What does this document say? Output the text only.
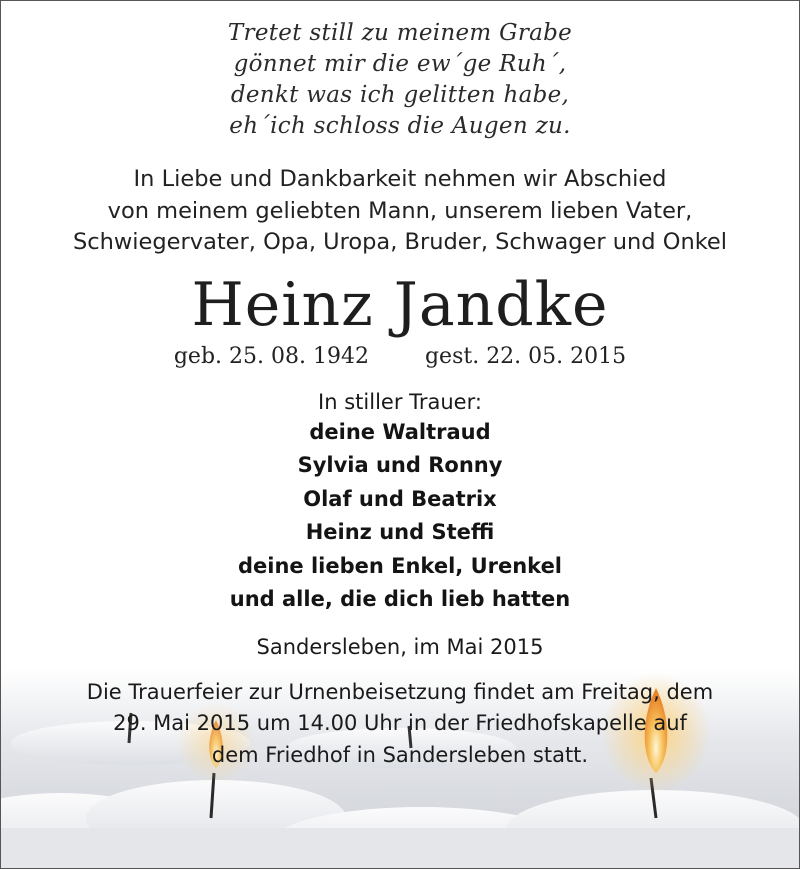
Tretet still zu meinem Grabe
gönnet mir die ew´ge Ruh´,
denkt was ich gelitten habe,
eh´ich schloss die Augen zu.
In Liebe und Dankbarkeit nehmen wir Abschied
von meinem geliebten Mann, unserem lieben Vater,
Schwiegervater, Opa, Uropa, Bruder, Schwager und Onkel
Heinz Jandke
geb. 25. 08. 1942	gest. 22. 05. 2015
In stiller Trauer:
deine Waltraud
Sylvia und Ronny
Olaf und Beatrix
Heinz und Steffi
deine lieben Enkel, Urenkel
und alle, die dich lieb hatten
Sandersleben, im Mai 2015
Die Trauerfeier zur Urnenbeisetzung findet am Freitag, dem
29. Mai 2015 um 14.00 Uhr in der Friedhofskapelle auf
dem Friedhof in Sandersleben statt.
